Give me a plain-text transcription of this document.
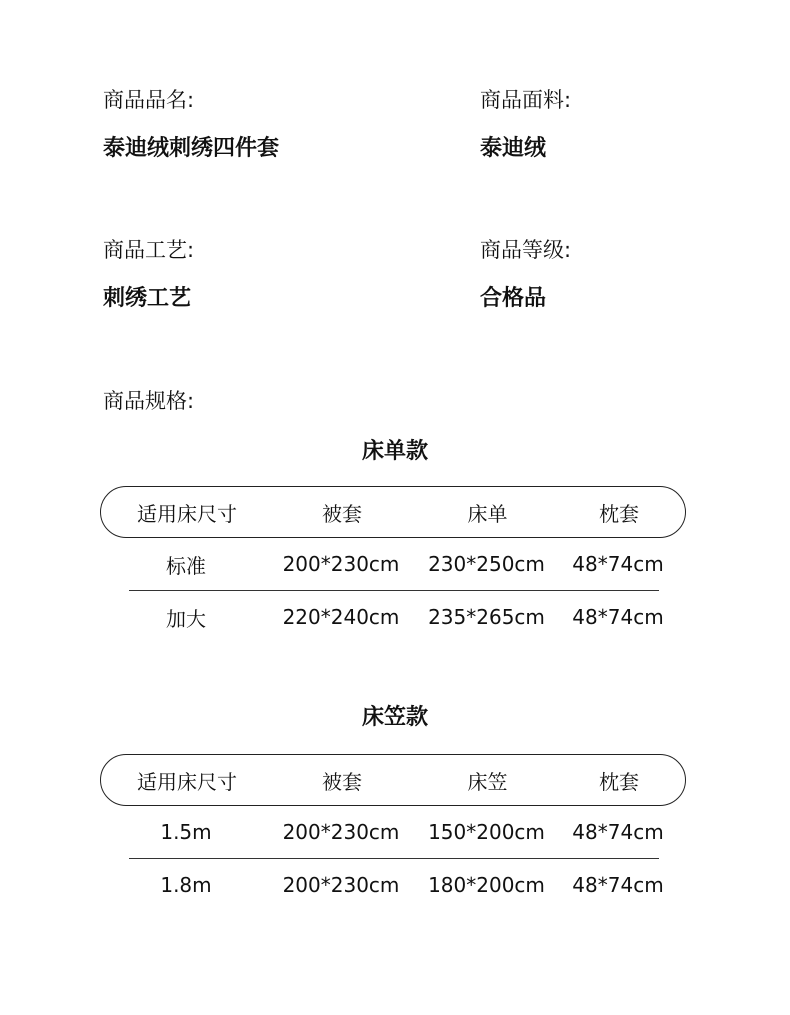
商品品名:
泰迪绒刺绣四件套
商品面料:
泰迪绒
商品工艺:
刺绣工艺
商品等级:
合格品
商品规格:
床单款
适用床尺寸	被套	床单	枕套
标准	200*230cm	230*250cm	48*74cm
加大	220*240cm	235*265cm	48*74cm
床笠款
适用床尺寸	被套	床笠	枕套
1.5m	200*230cm	150*200cm	48*74cm
1.8m	200*230cm	180*200cm	48*74cm
